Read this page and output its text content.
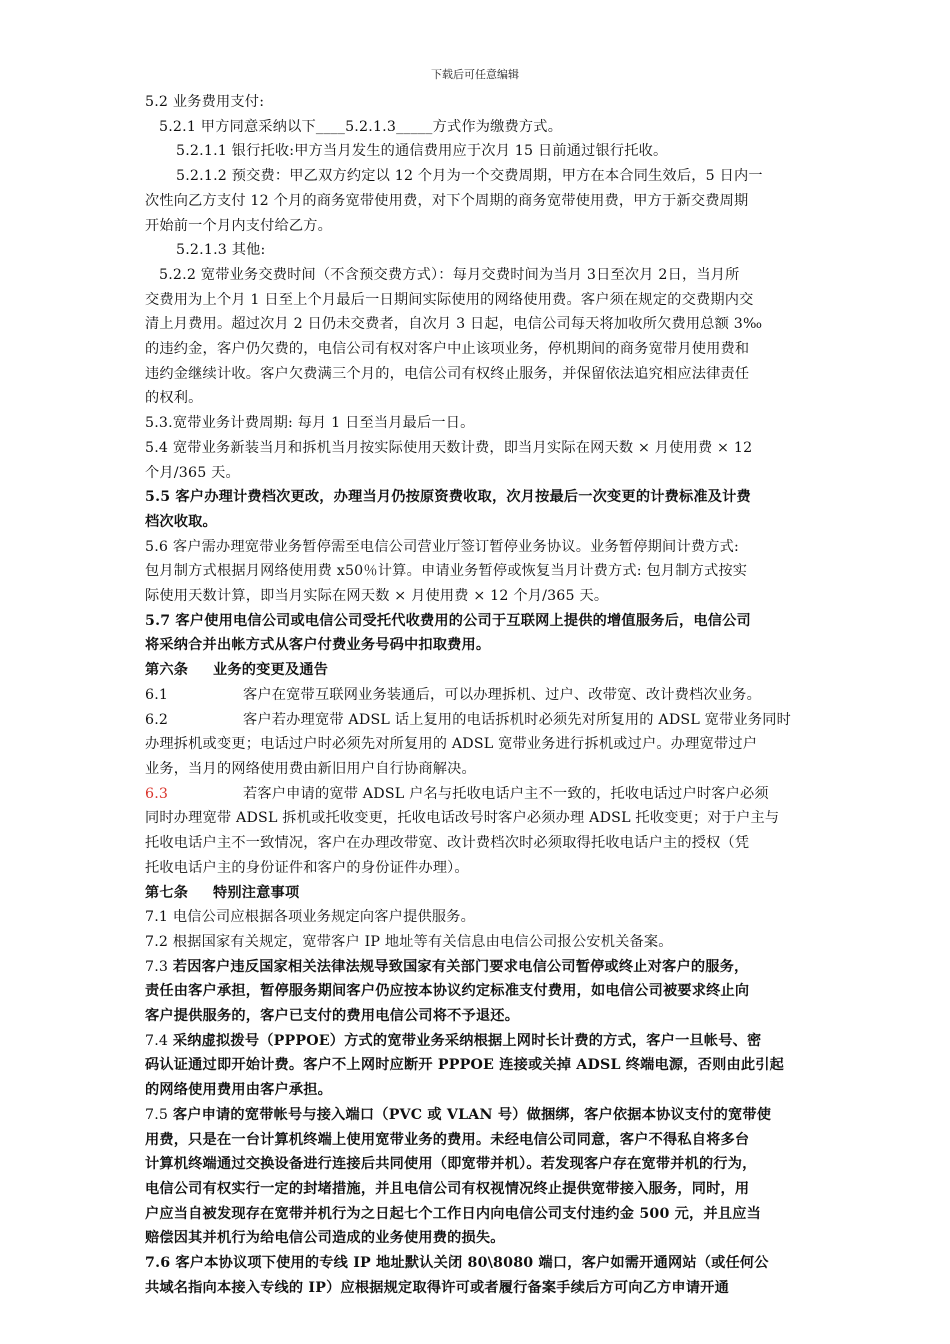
下载后可任意编辑

5.2 业务费用支付:

5.2.1 甲方同意采纳以下____5.2.1.3_____方式作为缴费方式。

5.2.1.1 银行托收:甲方当月发生的通信费用应于次月 15 日前通过银行托收。

5.2.1.2 预交费：甲乙双方约定以 12 个月为一个交费周期，甲方在本合同生效后，5 日内一

次性向乙方支付 12 个月的商务宽带使用费，对下个周期的商务宽带使用费，甲方于新交费周期

开始前一个月内支付给乙方。

5.2.1.3 其他:

5.2.2 宽带业务交费时间（不含预交费方式）：每月交费时间为当月 3日至次月 2日，当月所

交费用为上个月 1 日至上个月最后一日期间实际使用的网络使用费。客户须在规定的交费期内交

清上月费用。超过次月 2 日仍未交费者，自次月 3 日起，电信公司每天将加收所欠费用总额 3‰

的违约金，客户仍欠费的，电信公司有权对客户中止该项业务，停机期间的商务宽带月使用费和

违约金继续计收。客户欠费满三个月的，电信公司有权终止服务，并保留依法追究相应法律责任

的权利。

5.3.宽带业务计费周期: 每月 1 日至当月最后一日。

5.4 宽带业务新装当月和拆机当月按实际使用天数计费，即当月实际在网天数 × 月使用费 × 12

个月/365 天。

5.5 客户办理计费档次更改，办理当月仍按原资费收取，次月按最后一次变更的计费标准及计费

档次收取。

5.6 客户需办理宽带业务暂停需至电信公司营业厅签订暂停业务协议。业务暂停期间计费方式:

包月制方式根据月网络使用费 x50％计算。申请业务暂停或恢复当月计费方式: 包月制方式按实

际使用天数计算，即当月实际在网天数 × 月使用费 × 12 个月/365 天。

5.7 客户使用电信公司或电信公司受托代收费用的公司于互联网上提供的增值服务后，电信公司

将采纳合并出帐方式从客户付费业务号码中扣取费用。

第六条 业务的变更及通告

6.1	客户在宽带互联网业务装通后，可以办理拆机、过户、改带宽、改计费档次业务。

6.2	客户若办理宽带 ADSL 话上复用的电话拆机时必须先对所复用的 ADSL 宽带业务同时

办理拆机或变更；电话过户时必须先对所复用的 ADSL 宽带业务进行拆机或过户。办理宽带过户

业务，当月的网络使用费由新旧用户自行协商解决。

6.3	若客户申请的宽带 ADSL 户名与托收电话户主不一致的，托收电话过户时客户必须

同时办理宽带 ADSL 拆机或托收变更，托收电话改号时客户必须办理 ADSL 托收变更；对于户主与

托收电话户主不一致情况，客户在办理改带宽、改计费档次时必须取得托收电话户主的授权（凭

托收电话户主的身份证件和客户的身份证件办理）。

第七条 特别注意事项

7.1 电信公司应根据各项业务规定向客户提供服务。

7.2 根据国家有关规定，宽带客户 IP 地址等有关信息由电信公司报公安机关备案。

7.3 若因客户违反国家相关法律法规导致国家有关部门要求电信公司暂停或终止对客户的服务，

责任由客户承担，暂停服务期间客户仍应按本协议约定标准支付费用，如电信公司被要求终止向

客户提供服务的，客户已支付的费用电信公司将不予退还。

7.4 采纳虚拟拨号（PPPOE）方式的宽带业务采纳根据上网时长计费的方式，客户一旦帐号、密

码认证通过即开始计费。客户不上网时应断开 PPPOE 连接或关掉 ADSL 终端电源，否则由此引起

的网络使用费用由客户承担。

7.5 客户申请的宽带帐号与接入端口（PVC 或 VLAN 号）做捆绑，客户依据本协议支付的宽带使

用费，只是在一台计算机终端上使用宽带业务的费用。未经电信公司同意，客户不得私自将多台

计算机终端通过交换设备进行连接后共同使用（即宽带并机）。若发现客户存在宽带并机的行为，

电信公司有权实行一定的封堵措施，并且电信公司有权视情况终止提供宽带接入服务，同时，用

户应当自被发现存在宽带并机行为之日起七个工作日内向电信公司支付违约金 500 元，并且应当

赔偿因其并机行为给电信公司造成的业务使用费的损失。

7.6 客户本协议项下使用的专线 IP 地址默认关闭 80\8080 端口，客户如需开通网站（或任何公

共域名指向本接入专线的 IP）应根据规定取得许可或者履行备案手续后方可向乙方申请开通
